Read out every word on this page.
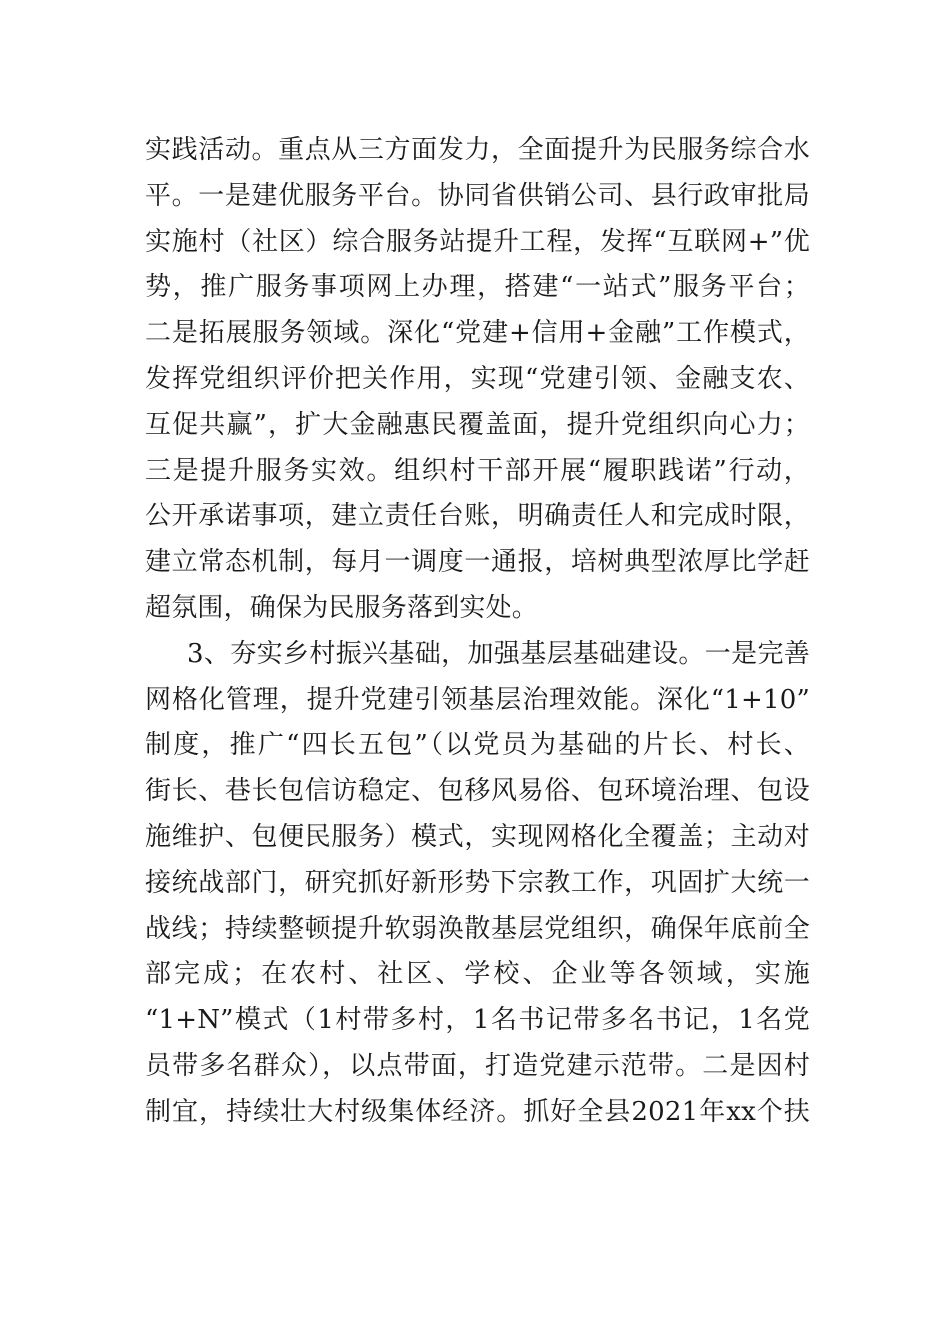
实践活动。重点从三方面发力，全面提升为民服务综合水
平。一是建优服务平台。协同省供销公司、县行政审批局
实施村（社区）综合服务站提升工程，发挥“互联网+”优
势，推广服务事项网上办理，搭建“一站式”服务平台；
二是拓展服务领域。深化“党建+信用+金融”工作模式，
发挥党组织评价把关作用，实现“党建引领、金融支农、
互促共赢”，扩大金融惠民覆盖面，提升党组织向心力；
三是提升服务实效。组织村干部开展“履职践诺”行动，
公开承诺事项，建立责任台账，明确责任人和完成时限，
建立常态机制，每月一调度一通报，培树典型浓厚比学赶
超氛围，确保为民服务落到实处。
3、夯实乡村振兴基础，加强基层基础建设。一是完善
网格化管理，提升党建引领基层治理效能。深化“1+10”
制度，推广“四长五包”（以党员为基础的片长、村长、
街长、巷长包信访稳定、包移风易俗、包环境治理、包设
施维护、包便民服务）模式，实现网格化全覆盖；主动对
接统战部门，研究抓好新形势下宗教工作，巩固扩大统一
战线；持续整顿提升软弱涣散基层党组织，确保年底前全
部完成；在农村、社区、学校、企业等各领域，实施
“1+N”模式（1村带多村，1名书记带多名书记，1名党
员带多名群众），以点带面，打造党建示范带。二是因村
制宜，持续壮大村级集体经济。抓好全县2021年xx个扶
